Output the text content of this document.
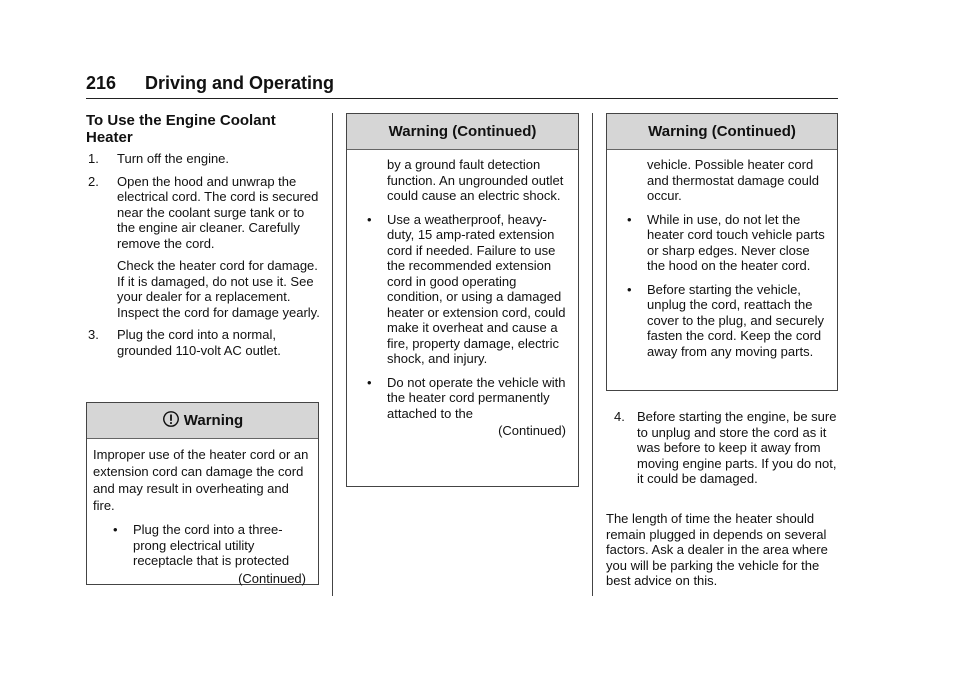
216 Driving and Operating
To Use the Engine Coolant Heater
1. Turn off the engine.

2. Open the hood and unwrap the electrical cord. The cord is secured near the coolant surge tank or to the engine air cleaner. Carefully remove the cord.

Check the heater cord for damage. If it is damaged, do not use it. See your dealer for a replacement. Inspect the cord for damage yearly.

3. Plug the cord into a normal, grounded 110-volt AC outlet.

Warning

Improper use of the heater cord or an extension cord can damage the cord and may result in overheating and fire.

• Plug the cord into a three-prong electrical utility receptacle that is protected
(Continued)
Warning (Continued)

by a ground fault detection function. An ungrounded outlet could cause an electric shock.

• Use a weatherproof, heavy-duty, 15 amp-rated extension cord if needed. Failure to use the recommended extension cord in good operating condition, or using a damaged heater or extension cord, could make it overheat and cause a fire, property damage, electric shock, and injury.
• Do not operate the vehicle with the heater cord permanently attached to the
(Continued)
Warning (Continued)

vehicle. Possible heater cord and thermostat damage could occur.

• While in use, do not let the heater cord touch vehicle parts or sharp edges. Never close the hood on the heater cord.
• Before starting the vehicle, unplug the cord, reattach the cover to the plug, and securely fasten the cord. Keep the cord away from any moving parts.
4. Before starting the engine, be sure to unplug and store the cord as it was before to keep it away from moving engine parts. If you do not, it could be damaged.

The length of time the heater should remain plugged in depends on several factors. Ask a dealer in the area where you will be parking the vehicle for the best advice on this.
